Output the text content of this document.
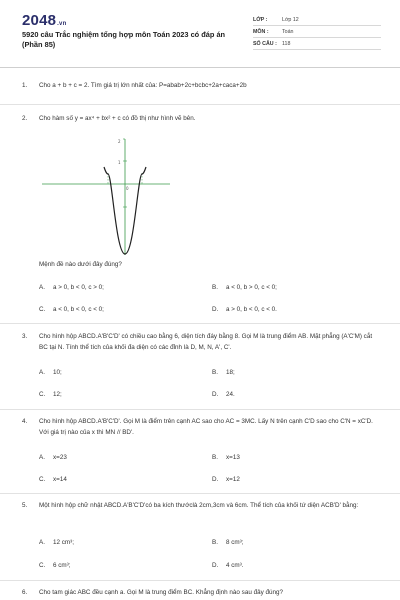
2048.vn
5920 câu Trắc nghiệm tổng hợp môn Toán 2023 có đáp án (Phần 85)
LỚP :	Lớp 12
MÔN :	Toán
SỐ CÂU : 118
1. Cho a + b + c = 2. Tìm giá trị lớn nhất của: P=abab+2c+bcbc+2a+caca+2b
2. Cho hàm số y = ax⁴ + bx² + c có đồ thị như hình vẽ bên.
2
1
0
Mệnh đề nào dưới đây đúng?
A. a > 0, b < 0, c > 0;	B. a < 0, b > 0, c < 0;
C. a < 0, b < 0, c < 0;	D. a > 0, b < 0, c < 0.
3. Cho hình hộp ABCD.A'B'C'D' có chiều cao bằng 6, diện tích đáy bằng 8. Gọi M là trung điểm AB. Mặt phẳng (A'C'M) cắt BC tại N. Tính thể tích của khối đa diện có các đỉnh là D, M, N, A', C'.
A. 10;	B. 18;
C. 12;	D. 24.
4. Cho hình hộp ABCD.A'B'C'D'. Gọi M là điểm trên cạnh AC sao cho AC = 3MC. Lấy N trên cạnh C'D sao cho C'N = xC'D. Với giá trị nào của x thì MN // BD'.
A. x=23	B. x=13
C. x=14	D. x=12
5. Một hình hộp chữ nhật ABCD.A'B'C'D'có ba kích thướclà 2cm,3cm và 6cm. Thể tích của khối tứ diện ACB'D' bằng:
A. 12 cm³;	B. 8 cm³;
C. 6 cm³;	D. 4 cm³.
6. Cho tam giác ABC đều cạnh a. Gọi M là trung điểm BC. Khẳng định nào sau đây đúng?
